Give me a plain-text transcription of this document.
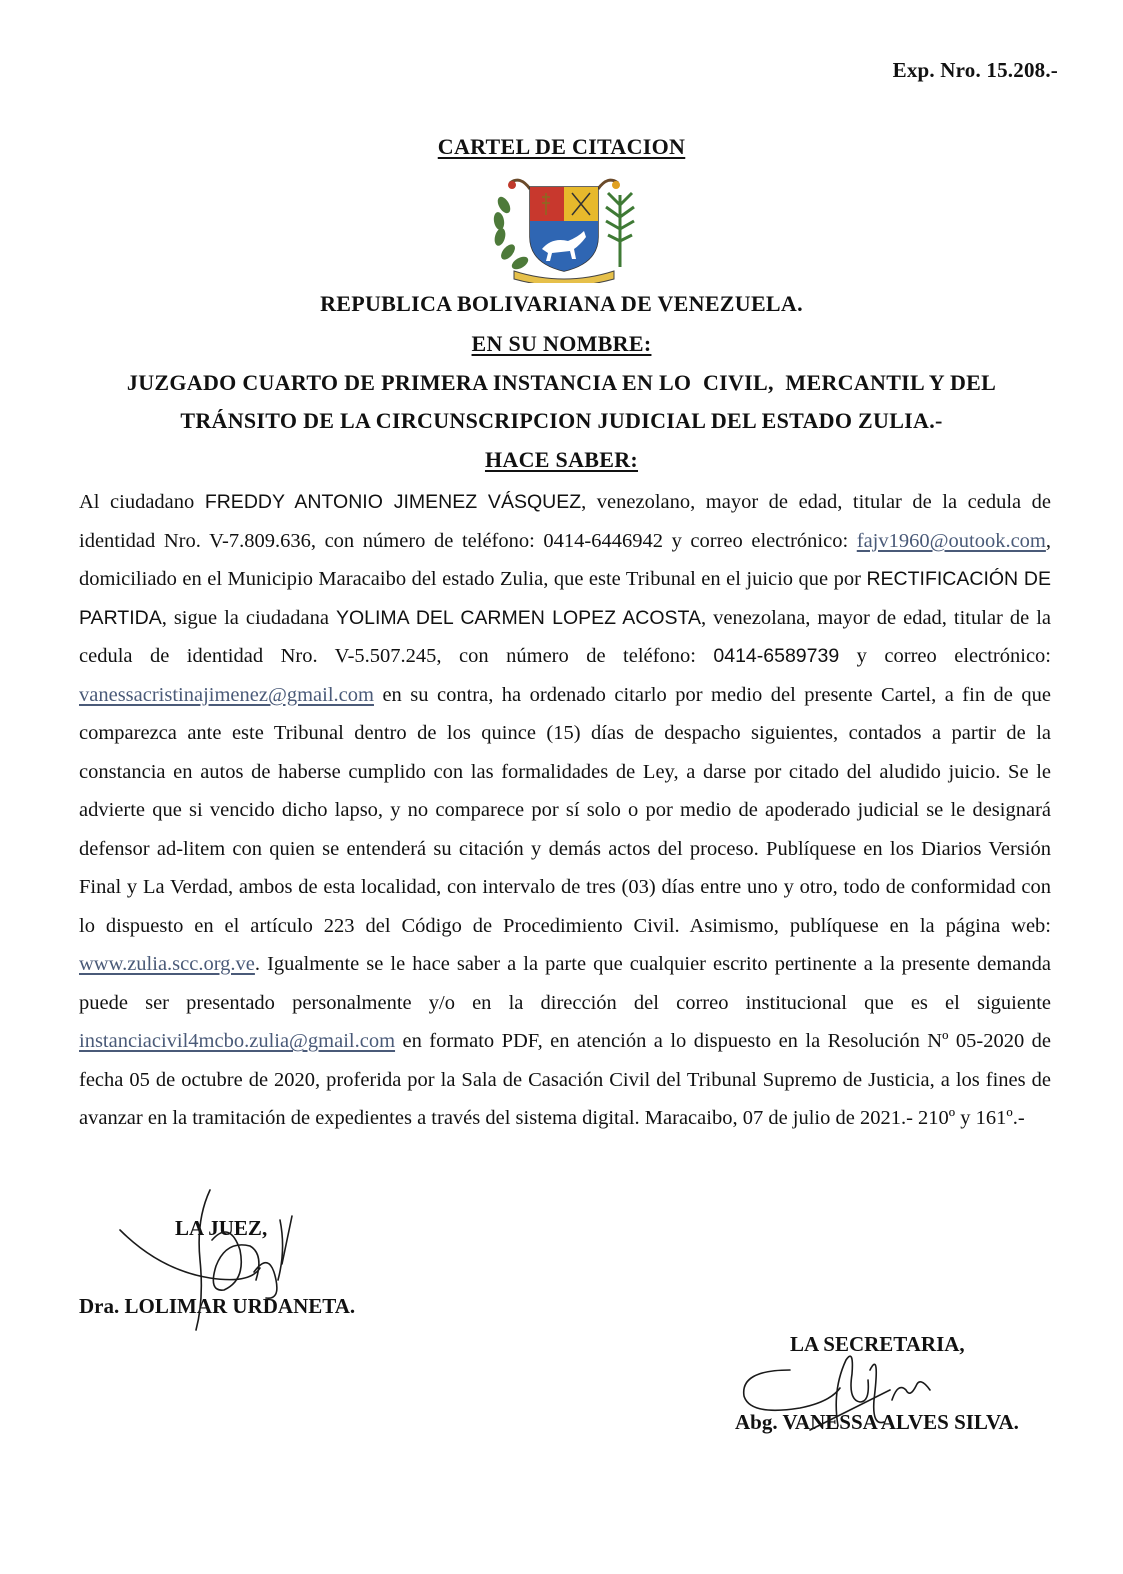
Exp. Nro. 15.208.-
CARTEL DE CITACION
REPUBLICA BOLIVARIANA DE VENEZUELA.
EN SU NOMBRE:
JUZGADO CUARTO DE PRIMERA INSTANCIA EN LO  CIVIL,  MERCANTIL Y DEL
TRÁNSITO DE LA CIRCUNSCRIPCION JUDICIAL DEL ESTADO ZULIA.-
HACE SABER:

Al ciudadano FREDDY ANTONIO JIMENEZ VÁSQUEZ, venezolano, mayor de edad, titular de la cedula de identidad Nro. V-7.809.636, con número de teléfono: 0414-6446942 y correo electrónico: fajv1960@outook.com, domiciliado en el Municipio Maracaibo del estado Zulia, que este Tribunal en el juicio que por RECTIFICACIÓN DE PARTIDA, sigue la ciudadana YOLIMA DEL CARMEN LOPEZ ACOSTA, venezolana, mayor de edad, titular de la cedula de identidad Nro. V-5.507.245, con número de teléfono: 0414-6589739 y correo electrónico: vanessacristinajimenez@gmail.com en su contra, ha ordenado citarlo por medio del presente Cartel, a fin de que comparezca ante este Tribunal dentro de los quince (15) días de despacho siguientes, contados a partir de la constancia en autos de haberse cumplido con las formalidades de Ley, a darse por citado del aludido juicio. Se le advierte que si vencido dicho lapso, y no comparece por sí solo o por medio de apoderado judicial se le designará defensor ad-litem con quien se entenderá su citación y demás actos del proceso. Publíquese en los Diarios Versión Final y La Verdad, ambos de esta localidad, con intervalo de tres (03) días entre uno y otro, todo de conformidad con lo dispuesto en el artículo 223 del Código de Procedimiento Civil. Asimismo, publíquese en la página web: www.zulia.scc.org.ve. Igualmente se le hace saber a la parte que cualquier escrito pertinente a la presente demanda puede ser presentado personalmente y/o en la dirección del correo institucional que es el siguiente instanciacivil4mcbo.zulia@gmail.com en formato PDF, en atención a lo dispuesto en la Resolución Nº 05-2020 de fecha 05 de octubre de 2020, proferida por la Sala de Casación Civil del Tribunal Supremo de Justicia, a los fines de avanzar en la tramitación de expedientes a través del sistema digital. Maracaibo, 07 de julio de 2021.- 210º y 161º.-

LA JUEZ,
Dra. LOLIMAR URDANETA.
LA SECRETARIA,
Abg. VANESSA ALVES SILVA.
